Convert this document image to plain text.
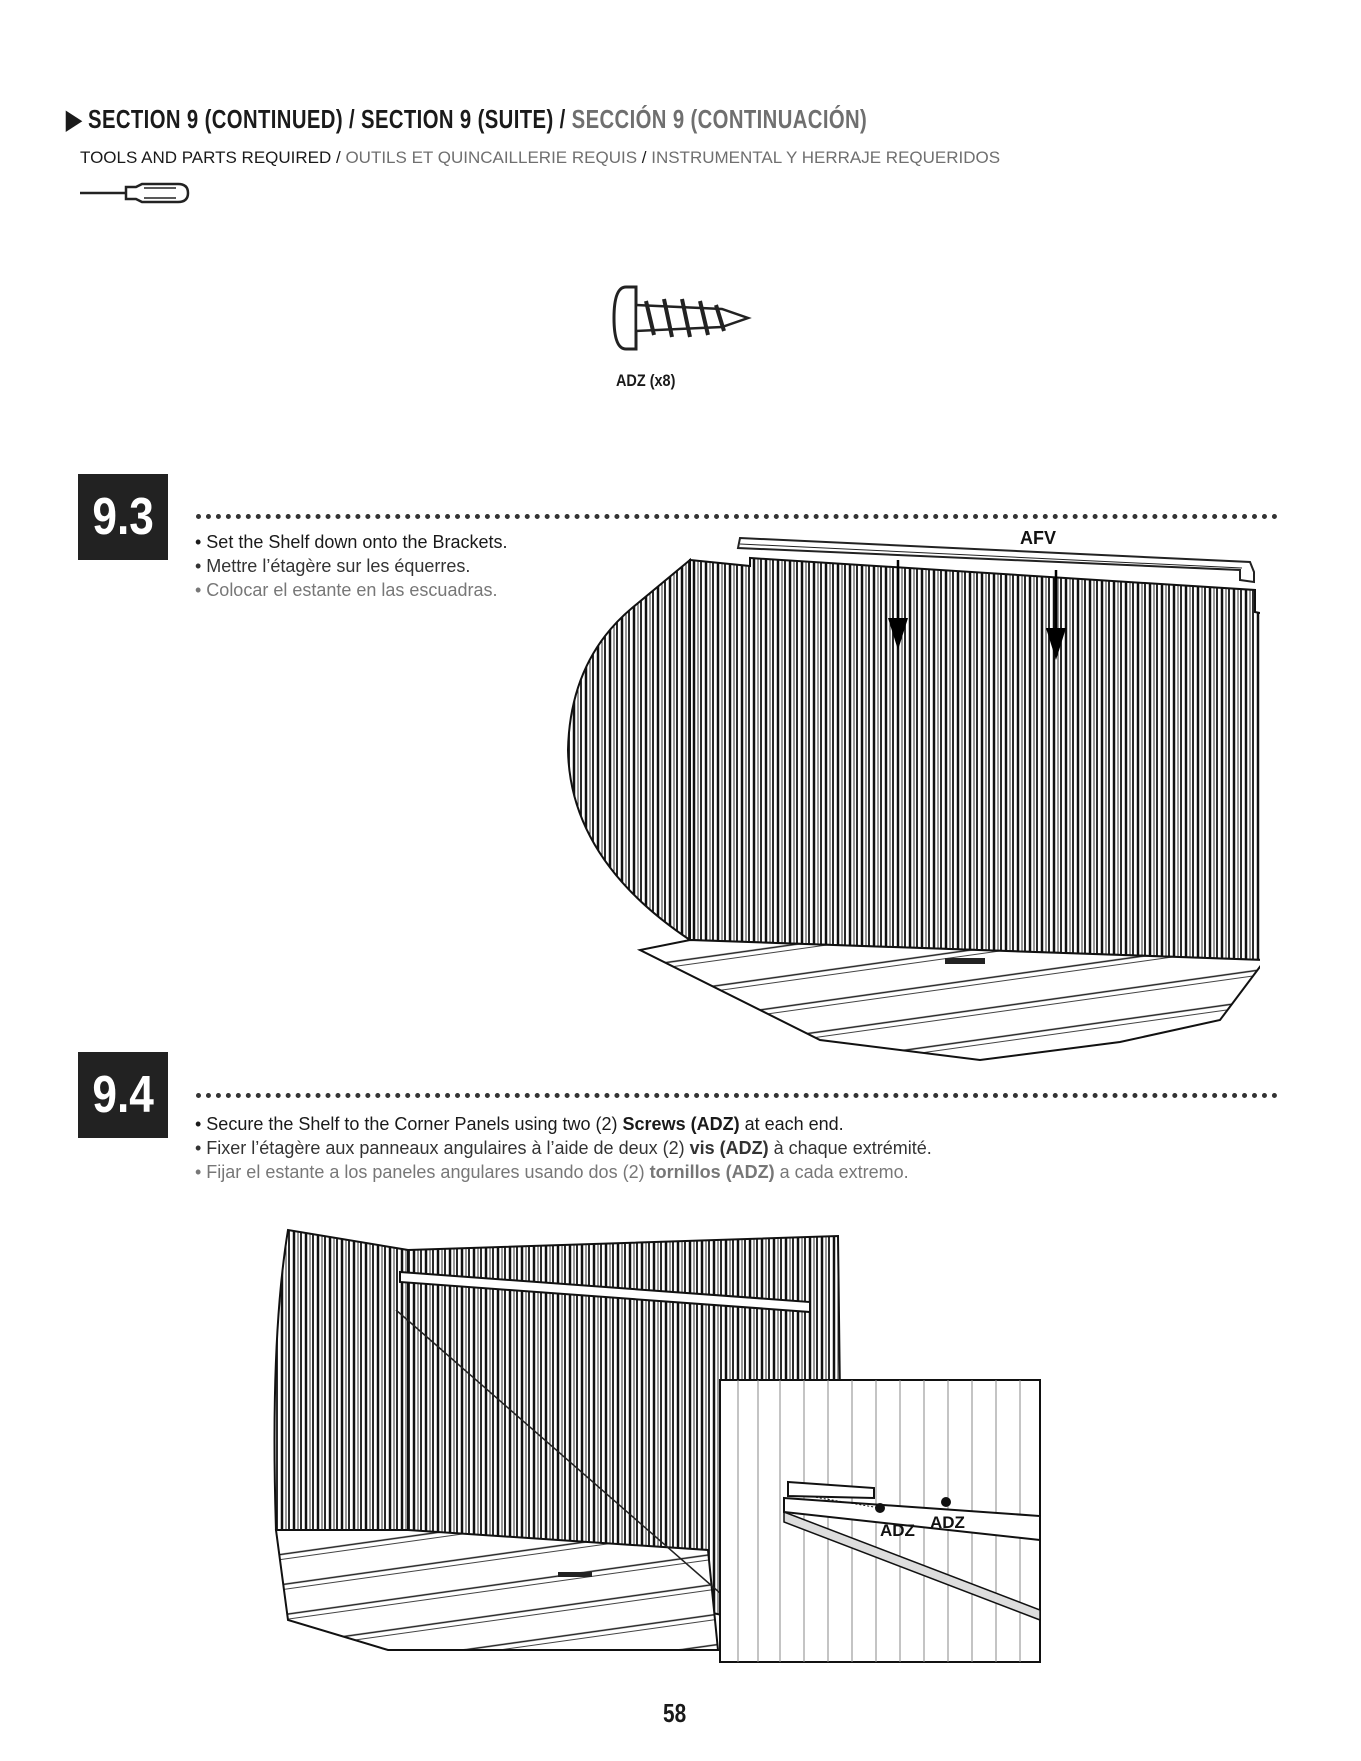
▶ SECTION 9 (CONTINUED) / SECTION 9 (SUITE) / SECCIÓN 9 (CONTINUACIÓN)
TOOLS AND PARTS REQUIRED / OUTILS ET QUINCAILLERIE REQUIS / INSTRUMENTAL Y HERRAJE REQUERIDOS
ADZ (x8)
9.3 • Set the Shelf down onto the Brackets.
• Mettre l’étagère sur les équerres.
• Colocar el estante en las escuadras.
AFV
9.4 • Secure the Shelf to the Corner Panels using two (2) Screws (ADZ) at each end.
• Fixer l’étagère aux panneaux angulaires à l’aide de deux (2) vis (ADZ) à chaque extrémité.
• Fijar el estante a los paneles angulares usando dos (2) tornillos (ADZ) a cada extremo.
ADZ ADZ
58
